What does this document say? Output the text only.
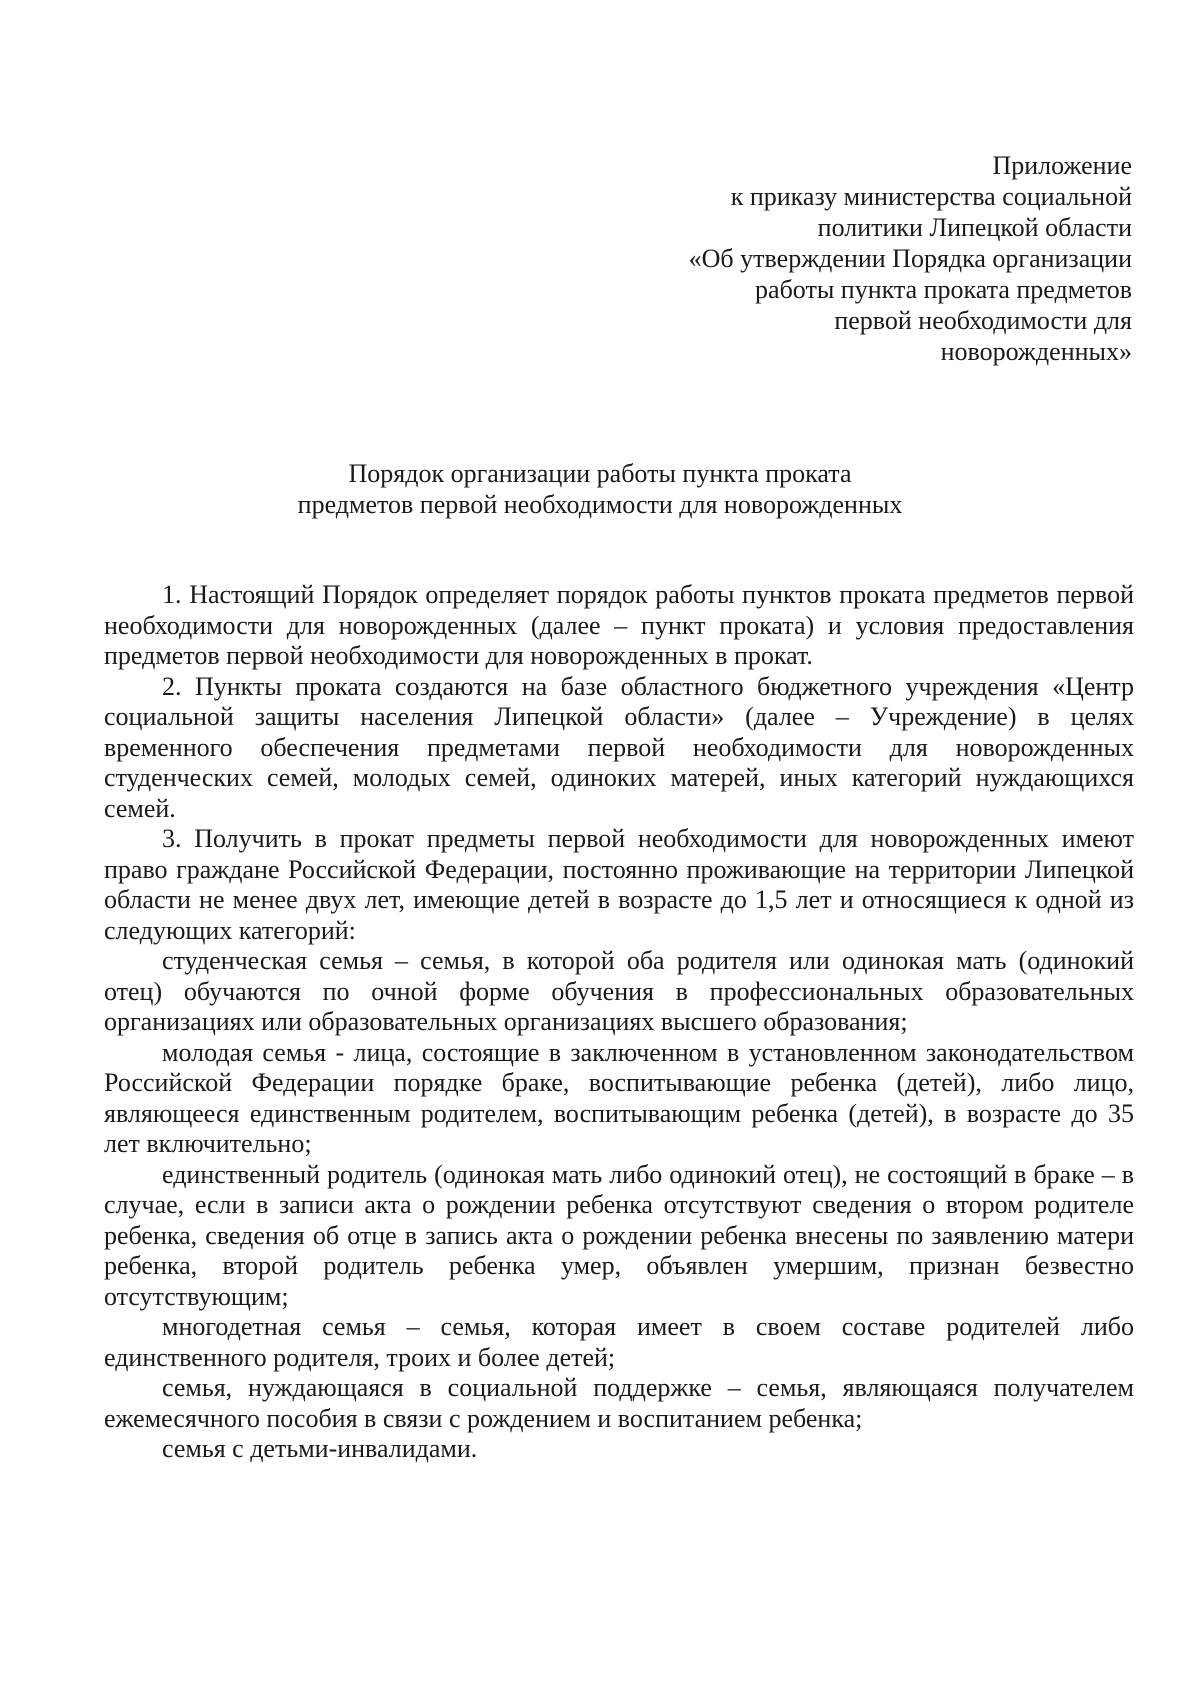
Приложение
к приказу министерства социальной
политики Липецкой области
«Об утверждении Порядка организации
работы пункта проката предметов
первой необходимости для
новорожденных»
Порядок организации работы пункта проката
предметов первой необходимости для новорожденных

1. Настоящий Порядок определяет порядок работы пунктов проката предметов первой необходимости для новорожденных (далее – пункт проката) и условия предоставления предметов первой необходимости для новорожденных в прокат.

2. Пункты проката создаются на базе областного бюджетного учреждения «Центр социальной защиты населения Липецкой области» (далее – Учреждение) в целях временного обеспечения предметами первой необходимости для новорожденных студенческих семей, молодых семей, одиноких матерей, иных категорий нуждающихся семей.

3. Получить в прокат предметы первой необходимости для новорожденных имеют право граждане Российской Федерации, постоянно проживающие на территории Липецкой области не менее двух лет, имеющие детей в возрасте до 1,5 лет и относящиеся к одной из следующих категорий:

студенческая семья – семья, в которой оба родителя или одинокая мать (одинокий отец) обучаются по очной форме обучения в профессиональных образовательных организациях или образовательных организациях высшего образования;

молодая семья - лица, состоящие в заключенном в установленном законодательством Российской Федерации порядке браке, воспитывающие ребенка (детей), либо лицо, являющееся единственным родителем, воспитывающим ребенка (детей), в возрасте до 35 лет включительно;

единственный родитель (одинокая мать либо одинокий отец), не состоящий в браке – в случае, если в записи акта о рождении ребенка отсутствуют сведения о втором родителе ребенка, сведения об отце в запись акта о рождении ребенка внесены по заявлению матери ребенка, второй родитель ребенка умер, объявлен умершим, признан безвестно отсутствующим;

многодетная семья – семья, которая имеет в своем составе родителей либо единственного родителя, троих и более детей;

семья, нуждающаяся в социальной поддержке – семья, являющаяся получателем ежемесячного пособия в связи с рождением и воспитанием ребенка;

семья с детьми-инвалидами.
